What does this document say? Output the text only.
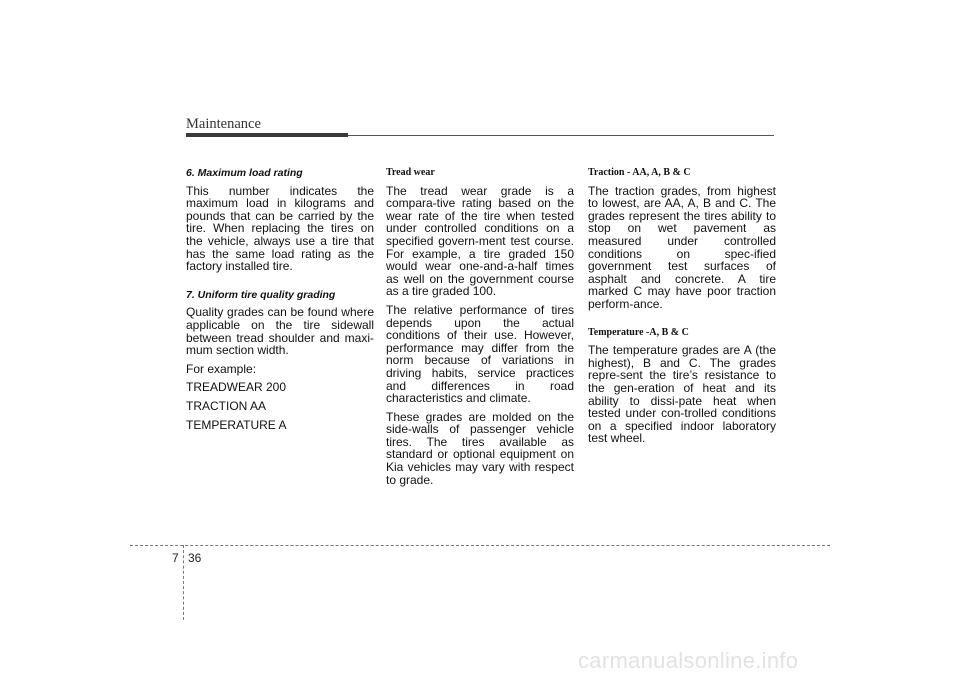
Maintenance
6. Maximum load rating

This number indicates the maximum load in kilograms and pounds that can be carried by the tire. When replacing the tires on the vehicle, always use a tire that has the same load rating as the factory installed tire.

7. Uniform tire quality grading

Quality grades can be found where applicable on the tire sidewall between tread shoulder and maxi-mum section width.

For example:
TREADWEAR 200
TRACTION AA
TEMPERATURE A
Tread wear

The tread wear grade is a compara-tive rating based on the wear rate of the tire when tested under controlled conditions on a specified govern-ment test course. For example, a tire graded 150 would wear one-and-a-half times as well on the government course as a tire graded 100.

The relative performance of tires depends upon the actual conditions of their use. However, performance may differ from the norm because of variations in driving habits, service practices and differences in road characteristics and climate.

These grades are molded on the side-walls of passenger vehicle tires. The tires available as standard or optional equipment on Kia vehicles may vary with respect to grade.

Traction - AA, A, B & C

The traction grades, from highest to lowest, are AA, A, B and C. The grades represent the tires ability to stop on wet pavement as measured under controlled conditions on spec-ified government test surfaces of asphalt and concrete. A tire marked C may have poor traction perform-ance.

Temperature -A, B & C

The temperature grades are A (the highest), B and C. The grades repre-sent the tire’s resistance to the gen-eration of heat and its ability to dissi-pate heat when tested under con-trolled conditions on a specified indoor laboratory test wheel.

7 36
carmanualsonline.info
